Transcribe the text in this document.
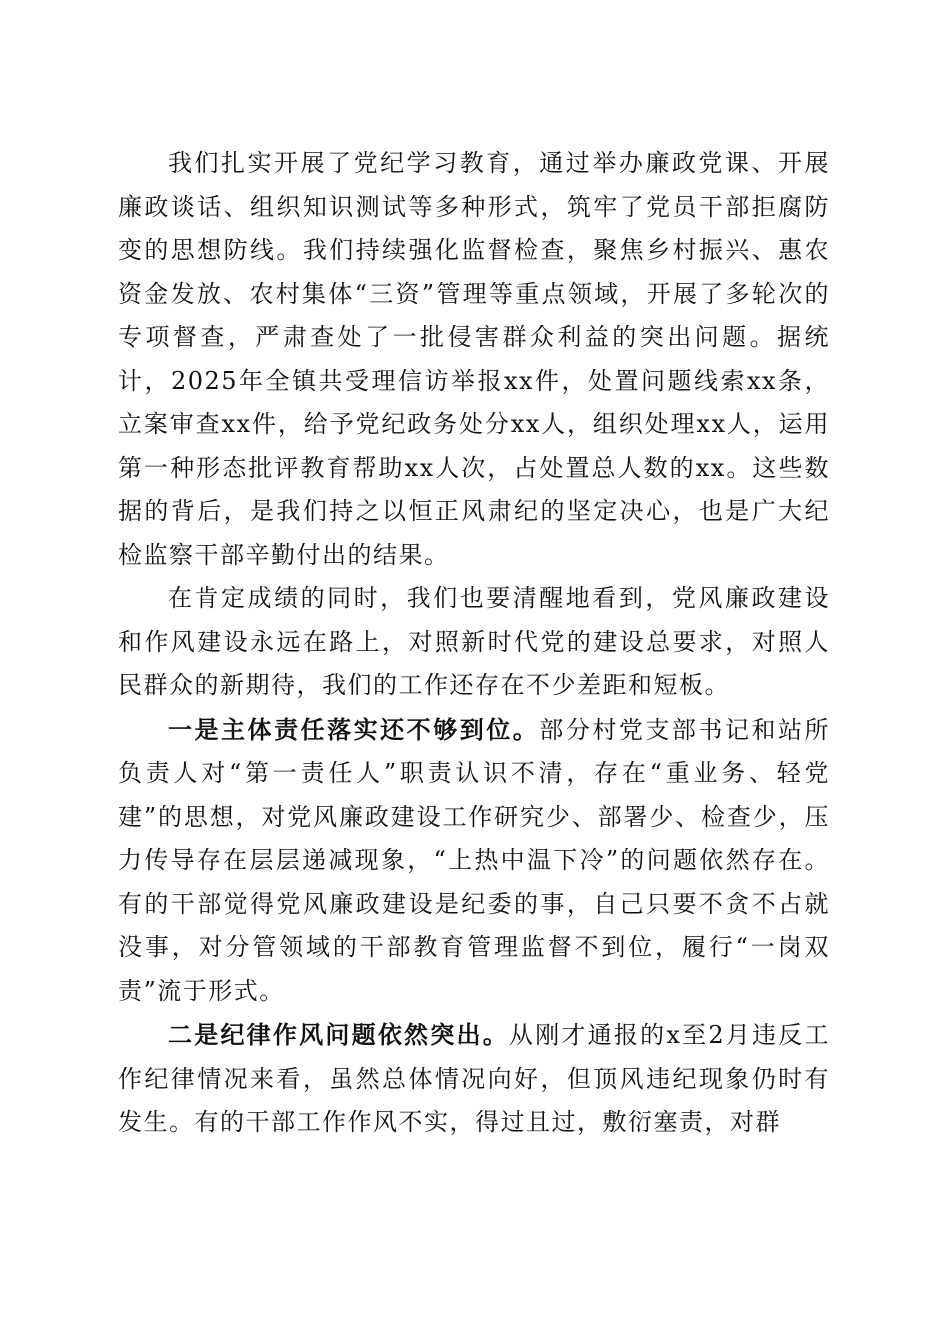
我们扎实开展了党纪学习教育，通过举办廉政党课、开展廉政谈话、组织知识测试等多种形式，筑牢了党员干部拒腐防变的思想防线。我们持续强化监督检查，聚焦乡村振兴、惠农资金发放、农村集体“三资”管理等重点领域，开展了多轮次的专项督查，严肃查处了一批侵害群众利益的突出问题。据统计，2025年全镇共受理信访举报xx件，处置问题线索xx条，立案审查xx件，给予党纪政务处分xx人，组织处理xx人，运用第一种形态批评教育帮助xx人次，占处置总人数的xx。这些数据的背后，是我们持之以恒正风肃纪的坚定决心，也是广大纪检监察干部辛勤付出的结果。

在肯定成绩的同时，我们也要清醒地看到，党风廉政建设和作风建设永远在路上，对照新时代党的建设总要求，对照人民群众的新期待，我们的工作还存在不少差距和短板。

一是主体责任落实还不够到位。部分村党支部书记和站所负责人对“第一责任人”职责认识不清，存在“重业务、轻党建”的思想，对党风廉政建设工作研究少、部署少、检查少，压力传导存在层层递减现象，“上热中温下冷”的问题依然存在。有的干部觉得党风廉政建设是纪委的事，自己只要不贪不占就没事，对分管领域的干部教育管理监督不到位，履行“一岗双责”流于形式。

二是纪律作风问题依然突出。从刚才通报的x至2月违反工作纪律情况来看，虽然总体情况向好，但顶风违纪现象仍时有发生。有的干部工作作风不实，得过且过，敷衍塞责，对群
